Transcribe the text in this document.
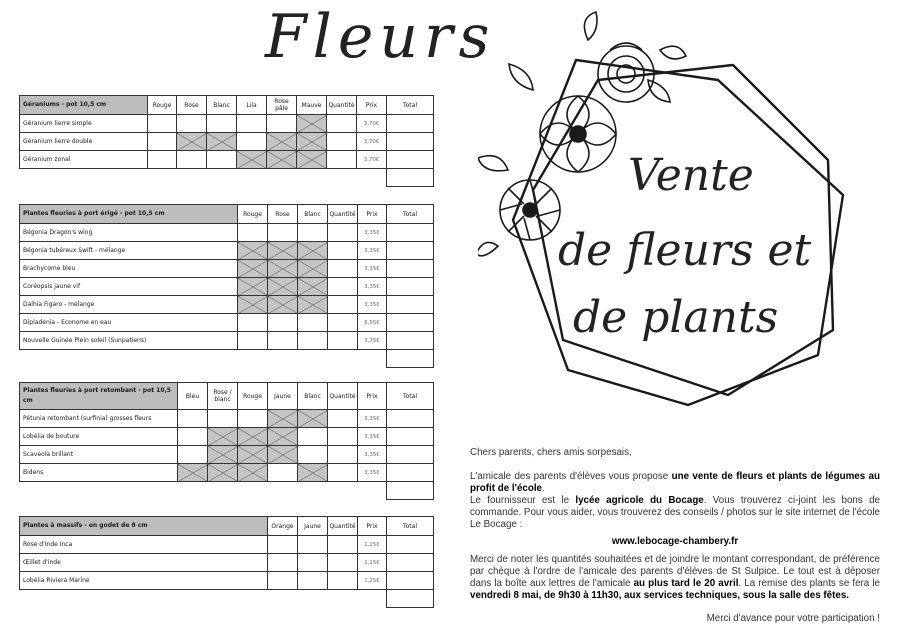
Fleurs
Géraniums - pot 10,5 cm	Rouge	Rose	Blanc	Lila	Rose pâle	Mauve	Quantité	Prix	Total
Géranium lierre simple								3,70€	
Géranium lierre double								3,70€	
Géranium zonal								3,70€	

Plantes fleuries à port érigé - pot 10,5 cm	Rouge	Rose	Blanc	Quantité	Prix	Total
Bégonia Dragon's wing					3,35€	
Bégonia tubéreux Swift - mélange					3,35€	
Brachycome bleu					3,35€	
Coréopsis jaune vif					3,35€	
Dalhia Figaro - mélange					3,35€	
Dipladenia - Econome en eau					6,55€	
Nouvelle Guinée Plein soleil (Sunpatiens)					3,75€	

Plantes fleuries à port retombant - pot 10,5 cm	Bleu	Rose / blanc	Rouge	Jaune	Blanc	Quantité	Prix	Total
Pétunia retombant (surfinia) grosses fleurs							3,35€	
Lobélia de bouture							3,35€	
Scaveola brillant							3,35€	
Bidens							3,35€	

Plantes à massifs - en godet de 8 cm	Orange	Jaune	Quantité	Prix	Total
Rose d'Inde Inca				1,25€	
Œillet d'inde				1,25€	
Lobélia Riviera Marine				1,25€	

Vente
de fleurs et
de plants

Chers parents, chers amis sorpesais,

L'amicale des parents d'élèves vous propose une vente de fleurs et plants de légumes au profit de l'école.

Le fournisseur est le lycée agricole du Bocage. Vous trouverez ci-joint les bons de commande. Pour vous aider, vous trouverez des conseils / photos sur le site internet de l'école Le Bocage :

www.lebocage-chambery.fr

Merci de noter les quantités souhaitées et de joindre le montant correspondant, de préférence par chèque à l'ordre de l'amicale des parents d'élèves de St Sulpice. Le tout est à déposer dans la boîte aux lettres de l'amicale au plus tard le 20 avril. La remise des plants se fera le vendredi 8 mai, de 9h30 à 11h30, aux services techniques, sous la salle des fêtes.

Merci d'avance pour votre participation !
